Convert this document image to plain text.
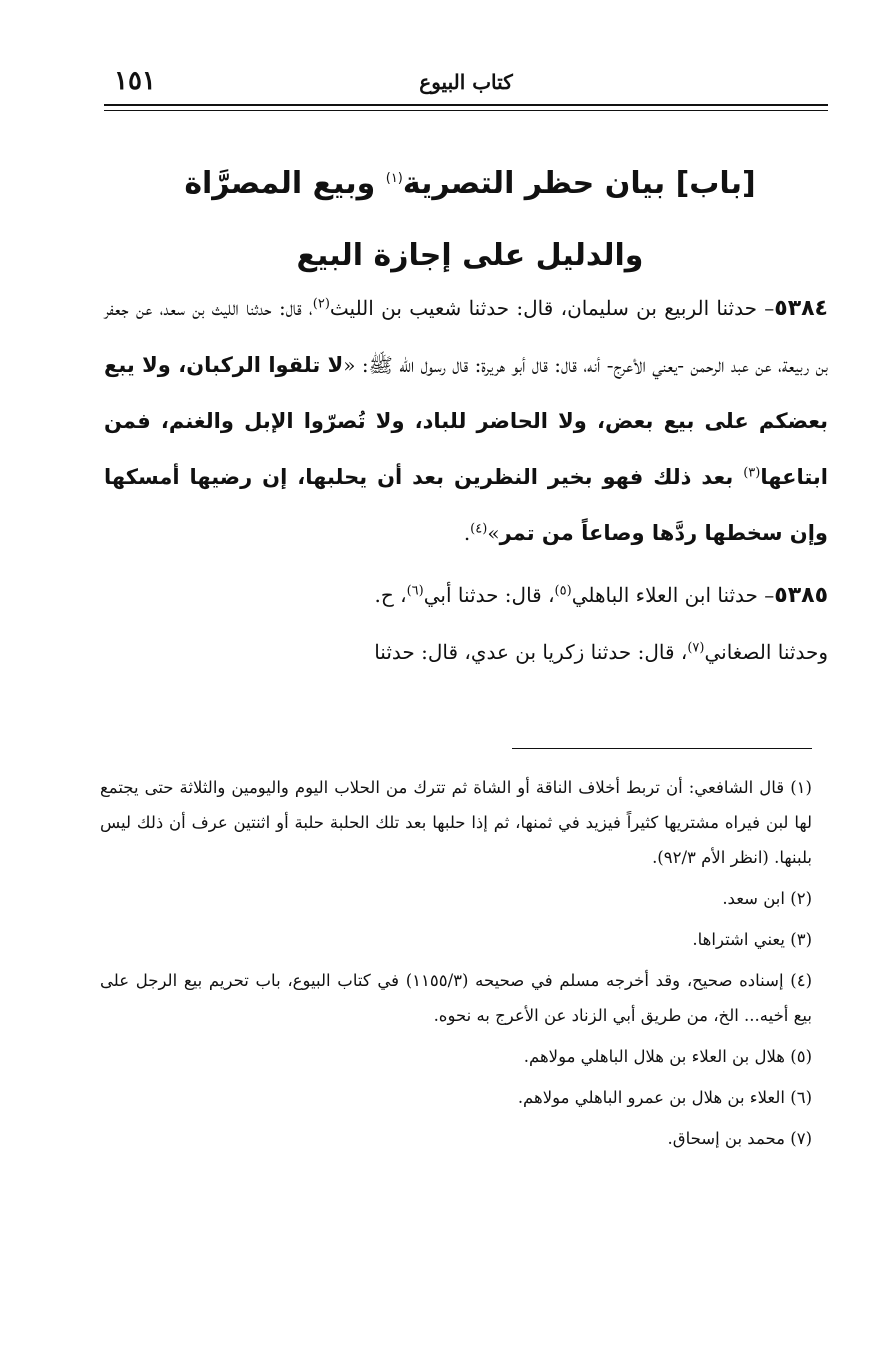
١٥١	كتاب البيوع
[باب] بيان حظر التصرية$^{(١)}$ وبيع المصرَّاة والدليل على إجازة البيع

٥٣٨٤– حدثنا الربيع بن سليمان، قال: حدثنا شعيب بن الليث$^{(٢)}$، قال: حدثنا الليث بن سعد، عن جعفر بن ربيعة، عن عبد الرحمن -يعني الأعرج- أنه، قال: قال أبو هريرة: قال رسول الله ﷺ: «لا تلقوا الركبان، ولا يبع بعضكم على بيع بعض، ولا الحاضر للباد، ولا تُصرّوا الإبل والغنم، فمن ابتاعها$^{(٣)}$ بعد ذلك فهو بخير النظرين بعد أن يحلبها، إن رضيها أمسكها وإن سخطها ردَّها وصاعاً من تمر»$^{(٤)}$.

٥٣٨٥– حدثنا ابن العلاء الباهلي$^{(٥)}$، قال: حدثنا أبي$^{(٦)}$، ح.
وحدثنا الصغاني$^{(٧)}$، قال: حدثنا زكريا بن عدي، قال: حدثنا

(١) قال الشافعي: أن تربط أخلاف الناقة أو الشاة ثم تترك من الحلاب اليوم واليومين والثلاثة حتى يجتمع لها لبن فيراه مشتريها كثيراً فيزيد في ثمنها، ثم إذا حلبها بعد تلك الحلبة حلبة أو اثنتين عرف أن ذلك ليس بلبنها. (انظر الأم ٩٢/٣).

(٢) ابن سعد.

(٣) يعني اشتراها.

(٤) إسناده صحيح، وقد أخرجه مسلم في صحيحه (١١٥٥/٣) في كتاب البيوع، باب تحريم بيع الرجل على بيع أخيه... الخ، من طريق أبي الزناد عن الأعرج به نحوه.

(٥) هلال بن العلاء بن هلال الباهلي مولاهم.

(٦) العلاء بن هلال بن عمرو الباهلي مولاهم.

(٧) محمد بن إسحاق.
